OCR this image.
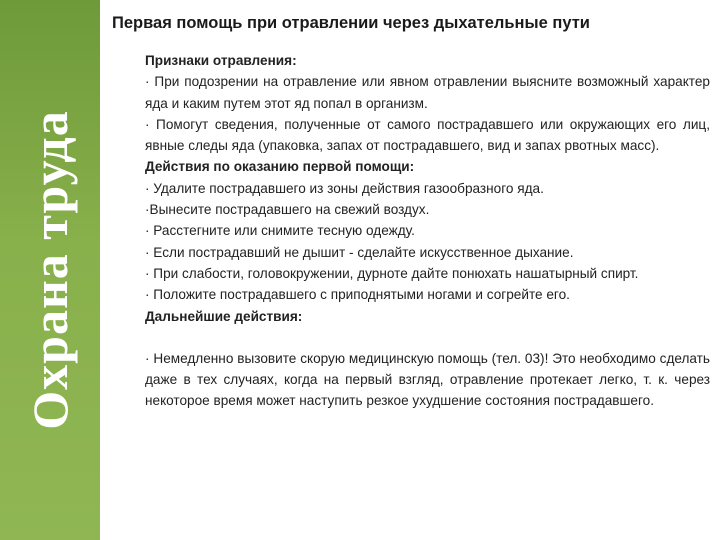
Охрана труда
Первая помощь при отравлении через дыхательные пути

Признаки отравления:

· При подозрении на отравление или явном отравлении выясните возможный характер яда и каким путем этот яд попал в организм.

· Помогут сведения, полученные от самого пострадавшего или окружающих его лиц, явные следы яда (упаковка, запах от пострадавшего, вид и запах рвотных масс).

Действия по оказанию первой помощи:

· Удалите пострадавшего из зоны действия газообразного яда.

·Вынесите пострадавшего на свежий воздух.

· Расстегните или снимите тесную одежду.

· Если пострадавший не дышит - сделайте искусственное дыхание.

· При слабости, головокружении, дурноте дайте понюхать нашатырный спирт.

· Положите пострадавшего с приподнятыми ногами и согрейте его.

Дальнейшие действия:

· Немедленно вызовите скорую медицинскую помощь (тел. 03)! Это необходимо сделать даже в тех случаях, когда на первый взгляд, отравление протекает легко, т. к. через некоторое время может наступить резкое ухудшение состояния пострадавшего.
